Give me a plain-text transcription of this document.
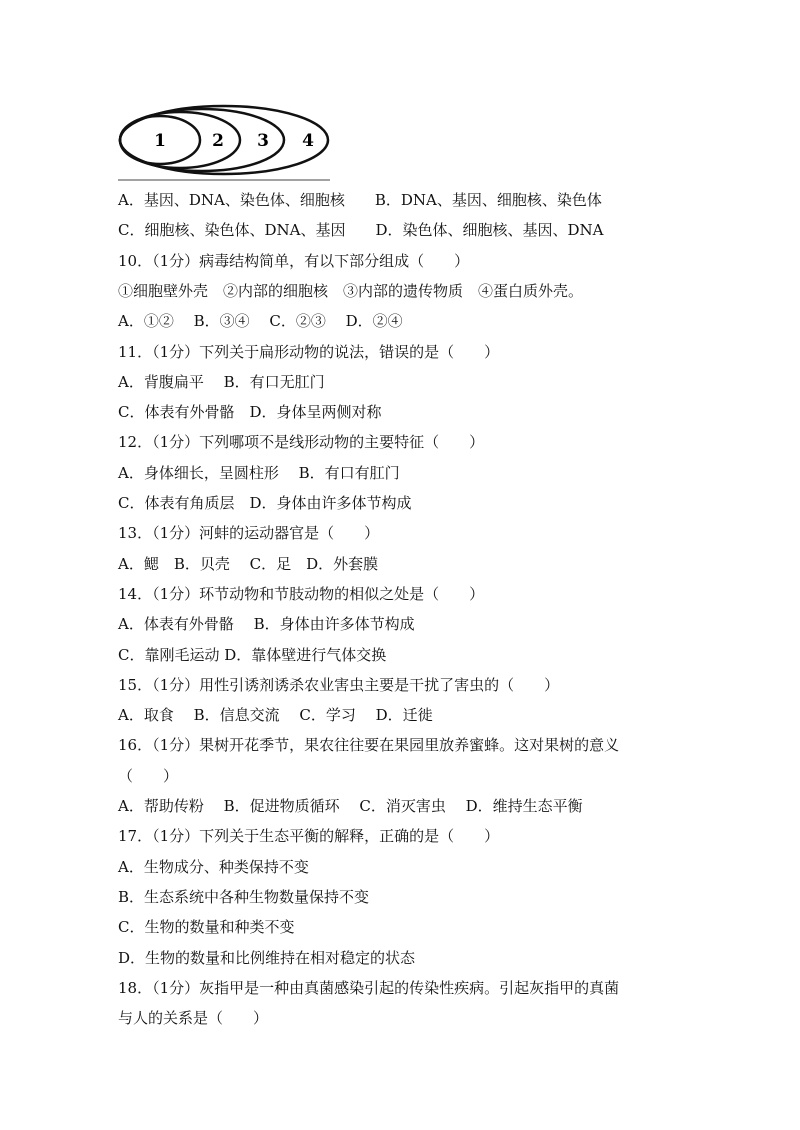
1	2 3 4
A．基因、DNA、染色体、细胞核　　B．DNA、基因、细胞核、染色体
C．细胞核、染色体、DNA、基因　　D．染色体、细胞核、基因、DNA
10．（1分）病毒结构简单，有以下部分组成（　　）
①细胞壁外壳　②内部的细胞核　③内部的遗传物质　④蛋白质外壳。
A．①②　 B．③④　 C．②③　 D．②④
11．（1分）下列关于扁形动物的说法，错误的是（　　）
A．背腹扁平　 B．有口无肛门
C．体表有外骨骼　D．身体呈两侧对称
12．（1分）下列哪项不是线形动物的主要特征（　　）
A．身体细长，呈圆柱形　 B．有口有肛门
C．体表有角质层　D．身体由许多体节构成
13．（1分）河蚌的运动器官是（　　）
A．鳃　B．贝壳　 C．足　D．外套膜
14．（1分）环节动物和节肢动物的相似之处是（　　）
A．体表有外骨骼　 B．身体由许多体节构成
C．靠刚毛运动 D．靠体壁进行气体交换
15．（1分）用性引诱剂诱杀农业害虫主要是干扰了害虫的（　　）
A．取食　 B．信息交流　 C．学习　 D．迁徙
16．（1分）果树开花季节，果农往往要在果园里放养蜜蜂。这对果树的意义
（　　）
A．帮助传粉　 B．促进物质循环　 C．消灭害虫　 D．维持生态平衡
17．（1分）下列关于生态平衡的解释，正确的是（　　）
A．生物成分、种类保持不变
B．生态系统中各种生物数量保持不变
C．生物的数量和种类不变
D．生物的数量和比例维持在相对稳定的状态
18．（1分）灰指甲是一种由真菌感染引起的传染性疾病。引起灰指甲的真菌
与人的关系是（　　）
